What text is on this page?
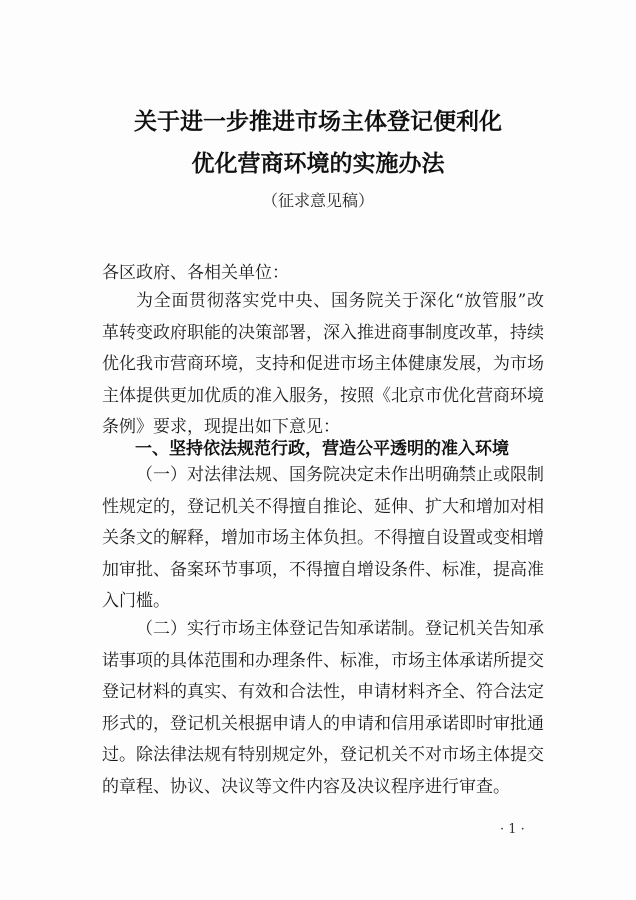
关于进一步推进市场主体登记便利化
优化营商环境的实施办法
（征求意见稿）
各区政府、各相关单位：
为全面贯彻落实党中央、国务院关于深化“放管服”改
革转变政府职能的决策部署，深入推进商事制度改革，持续
优化我市营商环境，支持和促进市场主体健康发展，为市场
主体提供更加优质的准入服务，按照《北京市优化营商环境
条例》要求，现提出如下意见：
一、坚持依法规范行政，营造公平透明的准入环境
（一）对法律法规、国务院决定未作出明确禁止或限制
性规定的，登记机关不得擅自推论、延伸、扩大和增加对相
关条文的解释，增加市场主体负担。不得擅自设置或变相增
加审批、备案环节事项，不得擅自增设条件、标准，提高准
入门槛。
（二）实行市场主体登记告知承诺制。登记机关告知承
诺事项的具体范围和办理条件、标准，市场主体承诺所提交
登记材料的真实、有效和合法性，申请材料齐全、符合法定
形式的，登记机关根据申请人的申请和信用承诺即时审批通
过。除法律法规有特别规定外，登记机关不对市场主体提交
的章程、协议、决议等文件内容及决议程序进行审查。
· 1 ·
